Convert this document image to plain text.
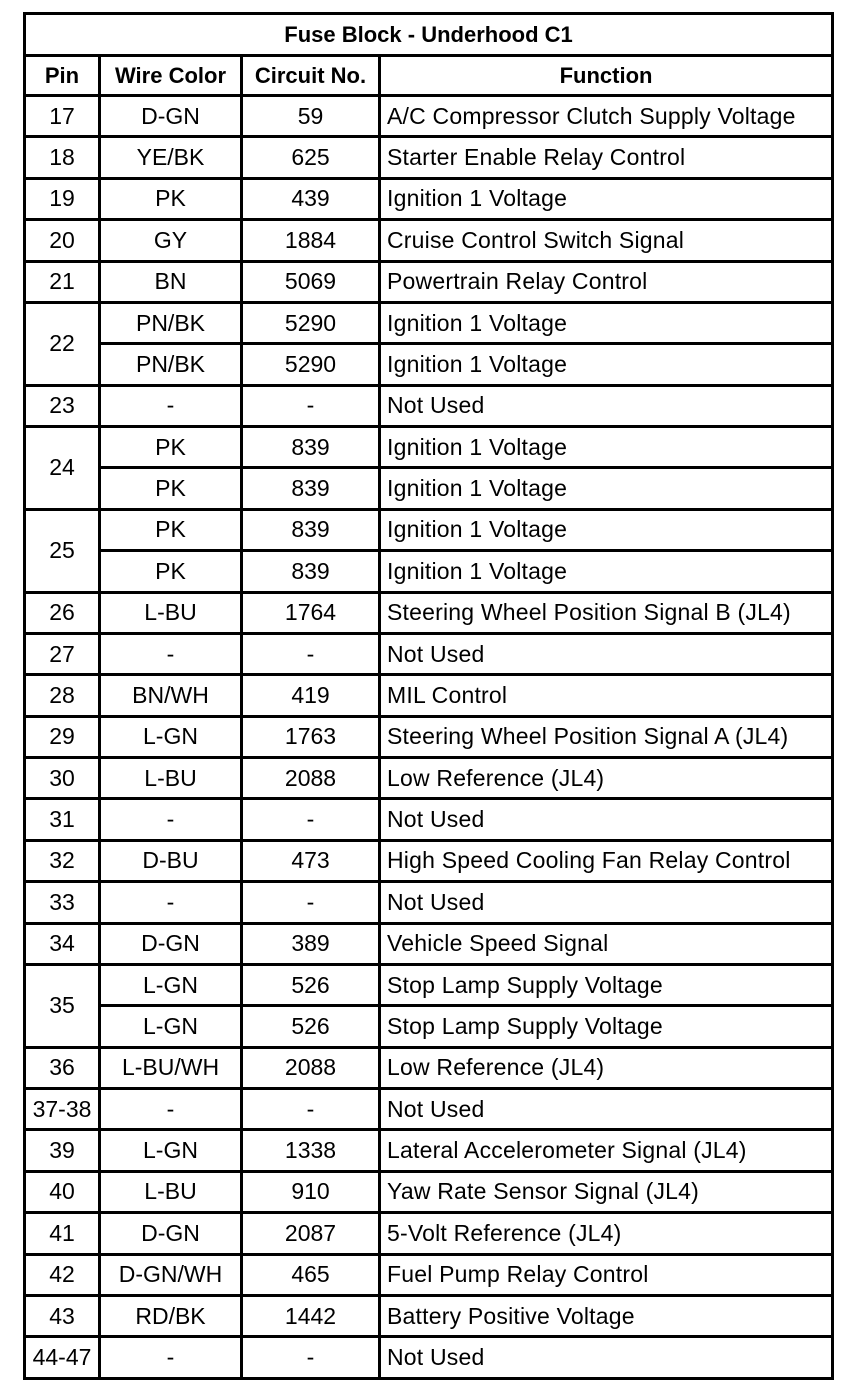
Fuse Block - Underhood C1			
Pin	Wire Color	Circuit No.	Function
17	D-GN	59	A/C Compressor Clutch Supply Voltage
18	YE/BK	625	Starter Enable Relay Control
19	PK	439	Ignition 1 Voltage
20	GY	1884	Cruise Control Switch Signal
21	BN	5069	Powertrain Relay Control
22	PN/BK	5290	Ignition 1 Voltage
	PN/BK	5290	Ignition 1 Voltage
23	-	-	Not Used
24	PK	839	Ignition 1 Voltage
	PK	839	Ignition 1 Voltage
25	PK	839	Ignition 1 Voltage
	PK	839	Ignition 1 Voltage
26	L-BU	1764	Steering Wheel Position Signal B (JL4)
27	-	-	Not Used
28	BN/WH	419	MIL Control
29	L-GN	1763	Steering Wheel Position Signal A (JL4)
30	L-BU	2088	Low Reference (JL4)
31	-	-	Not Used
32	D-BU	473	High Speed Cooling Fan Relay Control
33	-	-	Not Used
34	D-GN	389	Vehicle Speed Signal
35	L-GN	526	Stop Lamp Supply Voltage
	L-GN	526	Stop Lamp Supply Voltage
36	L-BU/WH	2088	Low Reference (JL4)
37-38	-	-	Not Used
39	L-GN	1338	Lateral Accelerometer Signal (JL4)
40	L-BU	910	Yaw Rate Sensor Signal (JL4)
41	D-GN	2087	5-Volt Reference (JL4)
42	D-GN/WH	465	Fuel Pump Relay Control
43	RD/BK	1442	Battery Positive Voltage
44-47	-	-	Not Used
